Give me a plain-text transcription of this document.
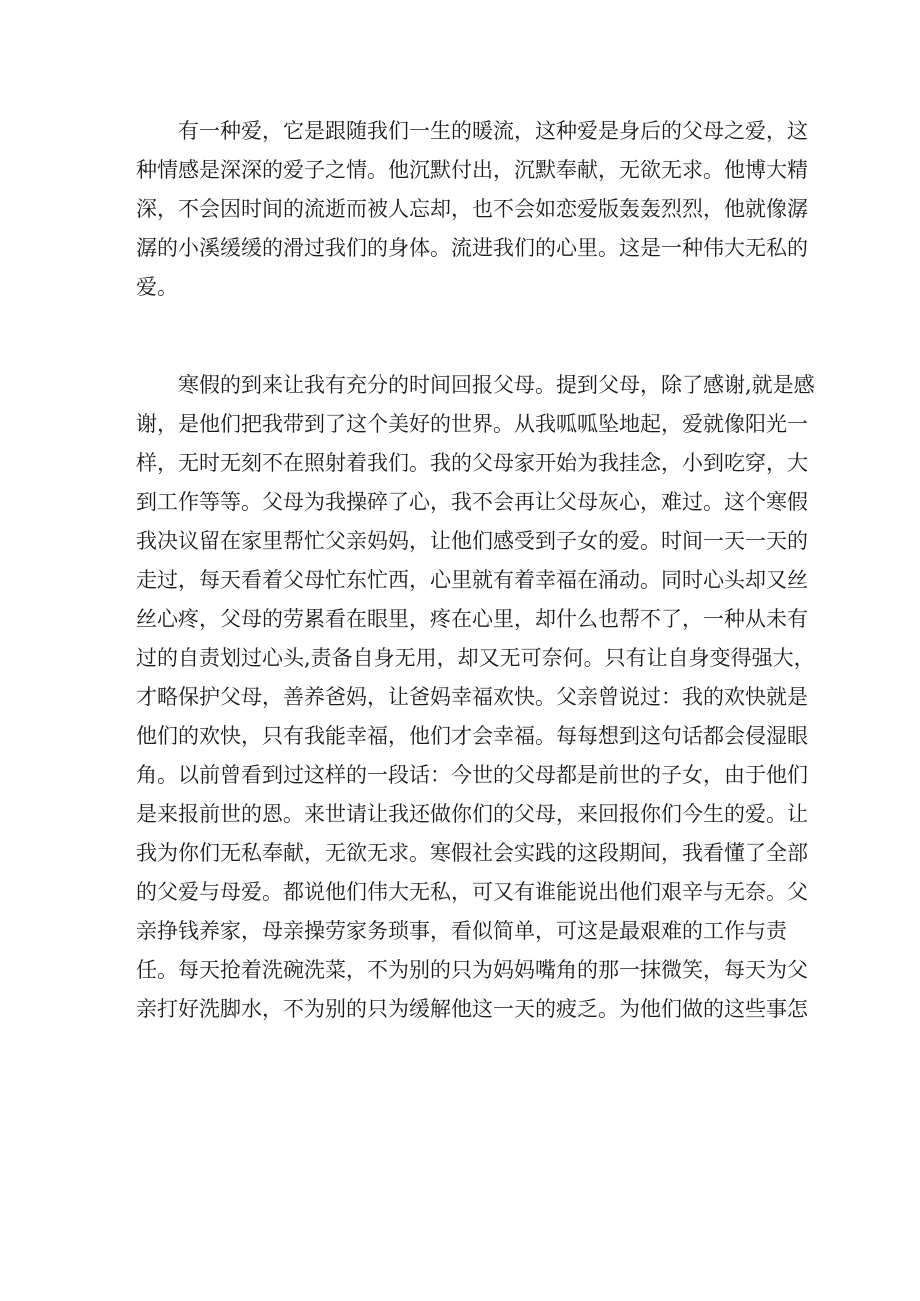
有一种爱，它是跟随我们一生的暖流，这种爱是身后的父母之爱，这
种情感是深深的爱子之情。他沉默付出，沉默奉献，无欲无求。他博大精
深，不会因时间的流逝而被人忘却，也不会如恋爱版轰轰烈烈，他就像潺
潺的小溪缓缓的滑过我们的身体。流进我们的心里。这是一种伟大无私的
爱。
寒假的到来让我有充分的时间回报父母。提到父母，除了感谢,就是感
谢，是他们把我带到了这个美好的世界。从我呱呱坠地起，爱就像阳光一
样，无时无刻不在照射着我们。我的父母家开始为我挂念，小到吃穿，大
到工作等等。父母为我操碎了心，我不会再让父母灰心，难过。这个寒假
我决议留在家里帮忙父亲妈妈，让他们感受到子女的爱。时间一天一天的
走过，每天看着父母忙东忙西，心里就有着幸福在涌动。同时心头却又丝
丝心疼，父母的劳累看在眼里，疼在心里，却什么也帮不了，一种从未有
过的自责划过心头,责备自身无用，却又无可奈何。只有让自身变得强大，
才略保护父母，善养爸妈，让爸妈幸福欢快。父亲曾说过：我的欢快就是
他们的欢快，只有我能幸福，他们才会幸福。每每想到这句话都会侵湿眼
角。以前曾看到过这样的一段话：今世的父母都是前世的子女，由于他们
是来报前世的恩。来世请让我还做你们的父母，来回报你们今生的爱。让
我为你们无私奉献，无欲无求。寒假社会实践的这段期间，我看懂了全部
的父爱与母爱。都说他们伟大无私，可又有谁能说出他们艰辛与无奈。父
亲挣钱养家，母亲操劳家务琐事，看似简单，可这是最艰难的工作与责
任。每天抢着洗碗洗菜，不为别的只为妈妈嘴角的那一抹微笑，每天为父
亲打好洗脚水，不为别的只为缓解他这一天的疲乏。为他们做的这些事怎
